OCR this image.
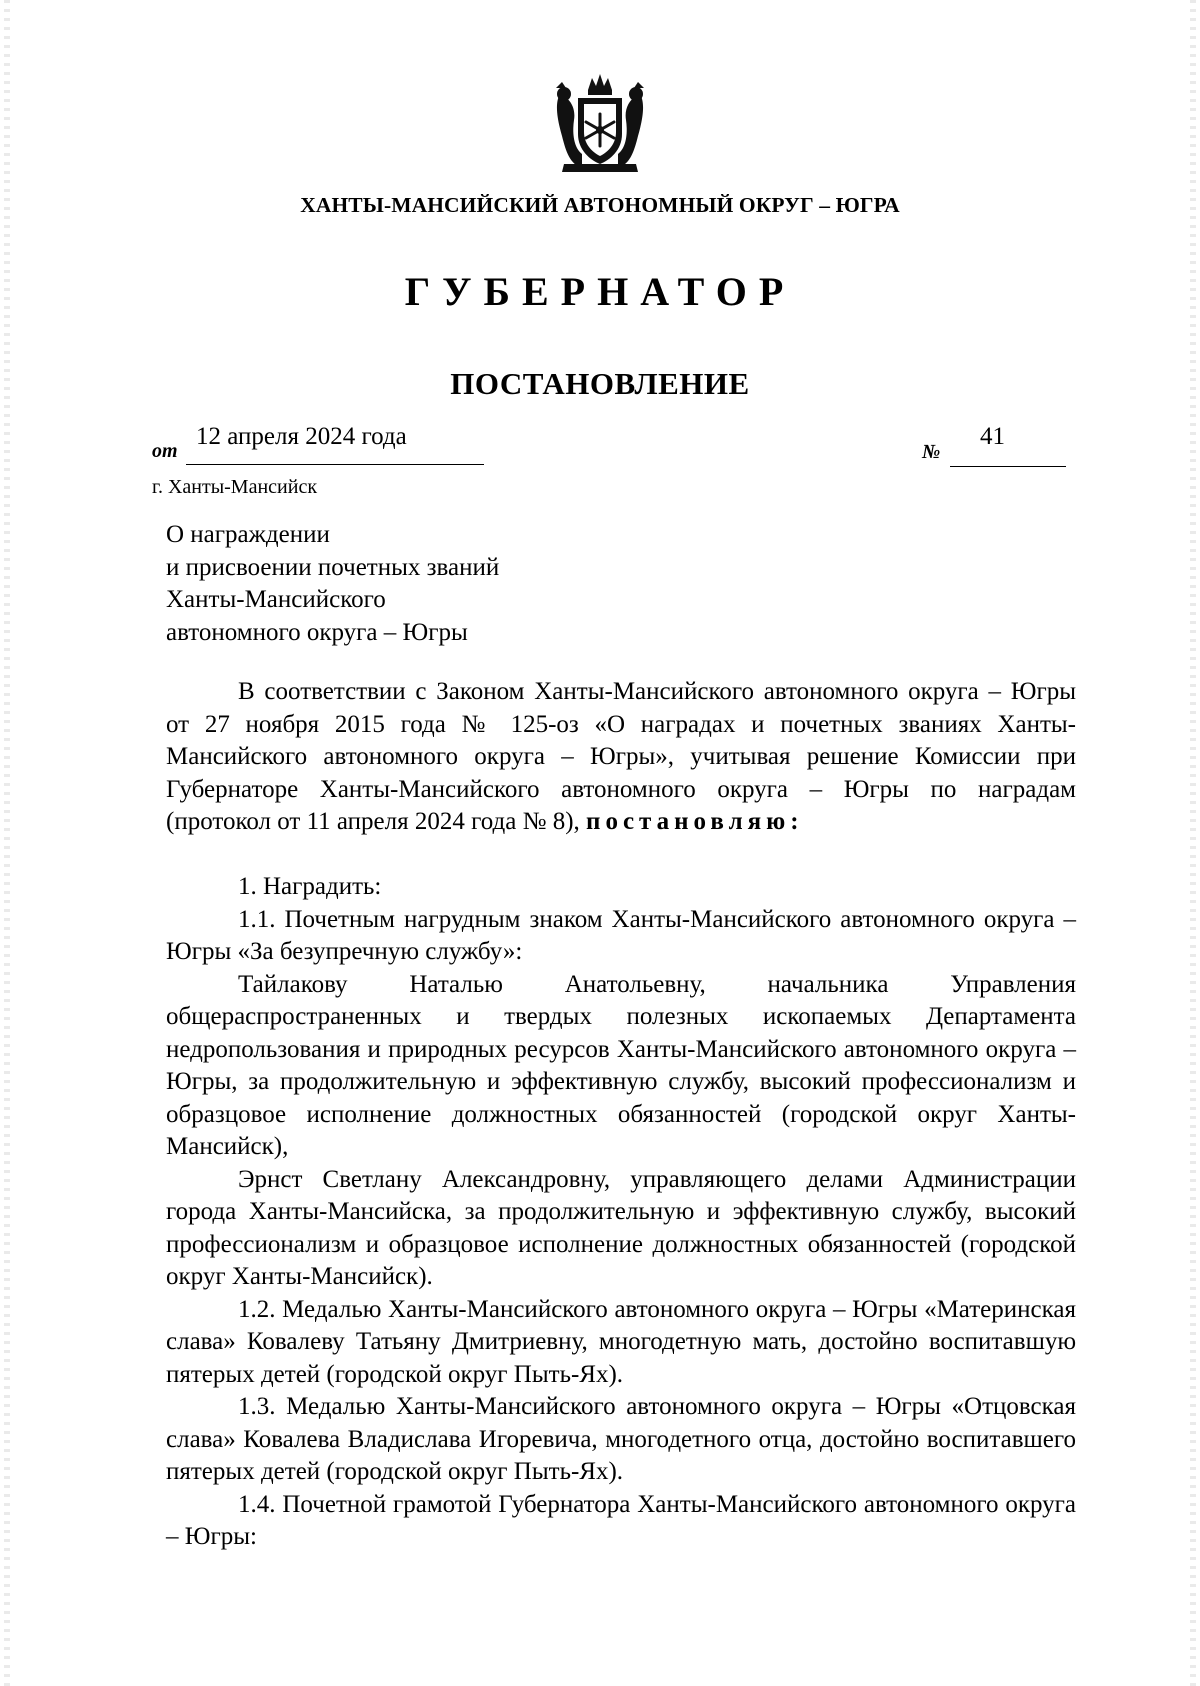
ХАНТЫ-МАНСИЙСКИЙ АВТОНОМНЫЙ ОКРУГ – ЮГРА
ГУБЕРНАТОР
ПОСТАНОВЛЕНИЕ
от
12 апреля 2024 года
№
41
г. Ханты-Мансийск
О награждении
и присвоении почетных званий
Ханты-Мансийского
автономного округа – Югры

В соответствии с Законом Ханты-Мансийского автономного округа – Югры от 27 ноября 2015 года № 125-оз «О наградах и почетных званиях Ханты-Мансийского автономного округа – Югры», учитывая решение Комиссии при Губернаторе Ханты-Мансийского автономного округа – Югры по наградам (протокол от 11 апреля 2024 года № 8), постановляю:

1. Наградить:

1.1. Почетным нагрудным знаком Ханты-Мансийского автономного округа – Югры «За безупречную службу»:

Тайлакову Наталью Анатольевну, начальника Управления общераспространенных и твердых полезных ископаемых Департамента недропользования и природных ресурсов Ханты-Мансийского автономного округа – Югры, за продолжительную и эффективную службу, высокий профессионализм и образцовое исполнение должностных обязанностей (городской округ Ханты-Мансийск),

Эрнст Светлану Александровну, управляющего делами Администрации города Ханты-Мансийска, за продолжительную и эффективную службу, высокий профессионализм и образцовое исполнение должностных обязанностей (городской округ Ханты-Мансийск).

1.2. Медалью Ханты-Мансийского автономного округа – Югры «Материнская слава» Ковалеву Татьяну Дмитриевну, многодетную мать, достойно воспитавшую пятерых детей (городской округ Пыть-Ях).

1.3. Медалью Ханты-Мансийского автономного округа – Югры «Отцовская слава» Ковалева Владислава Игоревича, многодетного отца, достойно воспитавшего пятерых детей (городской округ Пыть-Ях).

1.4. Почетной грамотой Губернатора Ханты-Мансийского автономного округа – Югры:
